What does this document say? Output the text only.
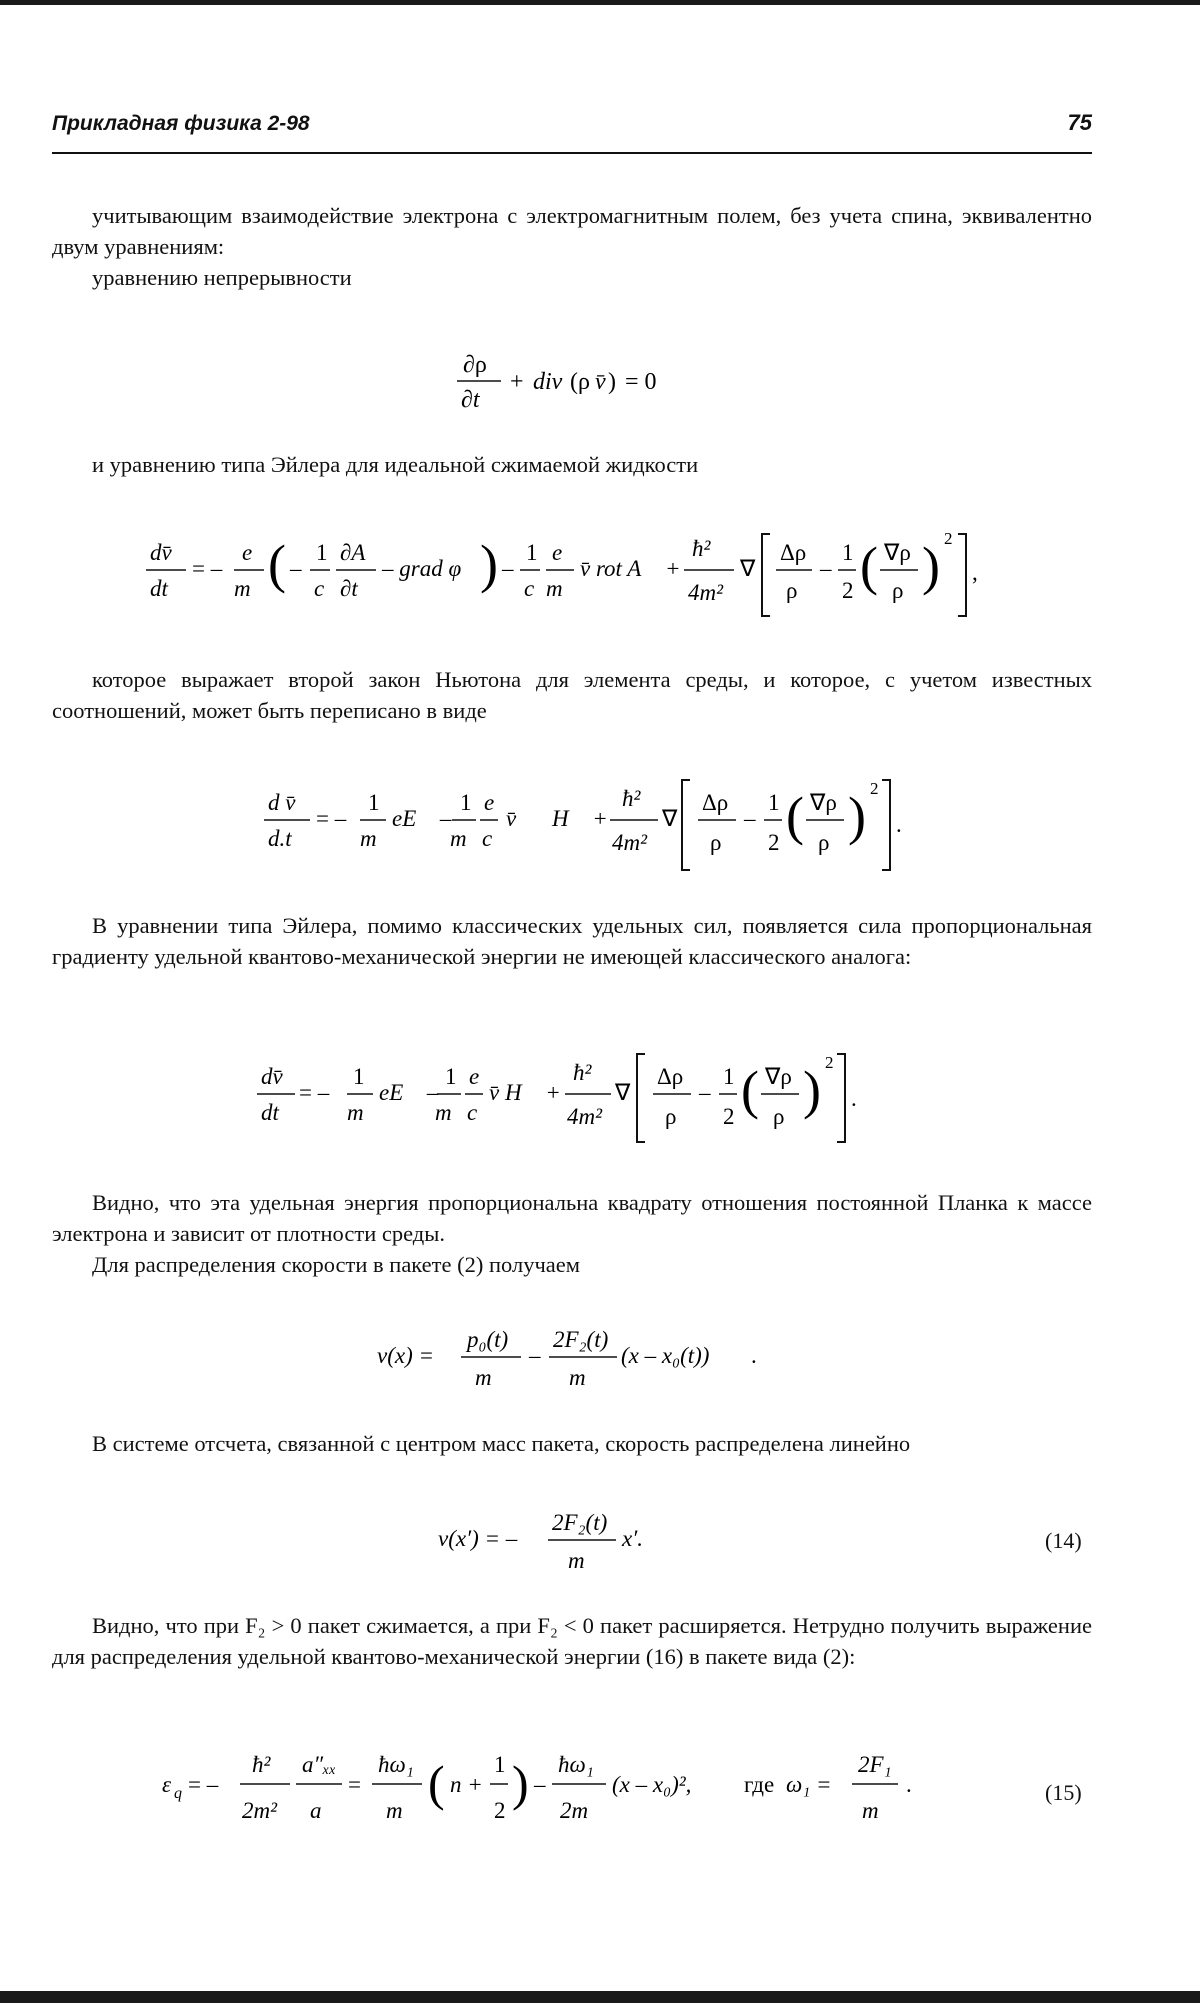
Прикладная физика 2-98	75
учитывающим взаимодействие электрона с электромагнитным полем, без учета спина, эквивалентно двум уравнениям:
уравнению непрерывности
∂ρ
∂t
+ div (ρ v̄ ) = 0
и уравнению типа Эйлера для идеальной сжимаемой жидкости
dv̄
dt
= –
e
m ( –
1
c
∂A⃗
∂t
– grad φ ) –
1
c
e
m
v̄ rot A⃗ +
ħ²
4m²
∇
Δρ
ρ
–
1
2 ( ∇ρ
ρ ) 2
,
которое выражает второй закон Ньютона для элемента среды, и которое, с учетом известных соотношений, может быть переписано в виде
d v̄
d.t
= –
1
m
eE⃗ –
1
m
e
c
v̄ H⃗ +
ħ²
4m²
∇
Δρ
ρ
–
1
2 ( ∇ρ
ρ ) 2
.
В уравнении типа Эйлера, помимо классических удельных сил, появляется сила пропорциональная градиенту удельной квантово-механической энергии не имеющей классического аналога:
dv̄
dt
= –
1
m
eE⃗ –
1
m
e
c
v̄ H⃗ +
ħ²
4m²
∇
Δρ
ρ
–
1
2 ( ∇ρ
ρ ) 2
.
Видно, что эта удельная энергия пропорциональна квадрату отношения постоянной Планка к массе электрона и зависит от плотности среды.
Для распределения скорости в пакете (2) получаем
v(x) =
p₀(t)
m
–
2F₂(t)
m
(x – x₀(t)) .
В системе отсчета, связанной с центром масс пакета, скорость распределена линейно
v(x′) = –
2F₂(t)
m
x′.	(14)
Видно, что при F₂ > 0 пакет сжимается, а при F₂ < 0 пакет расширяется. Нетрудно получить выражение для распределения удельной квантово-механической энергии (16) в пакете вида (2):
ε q = –
ħ²
2m²
a″ₓₓ
a
=
ħω₁
m ( n +
1
2 ) –
ħω₁
2m
(x – x₀)², где ω₁ =
2F₁
m
.	(15)
